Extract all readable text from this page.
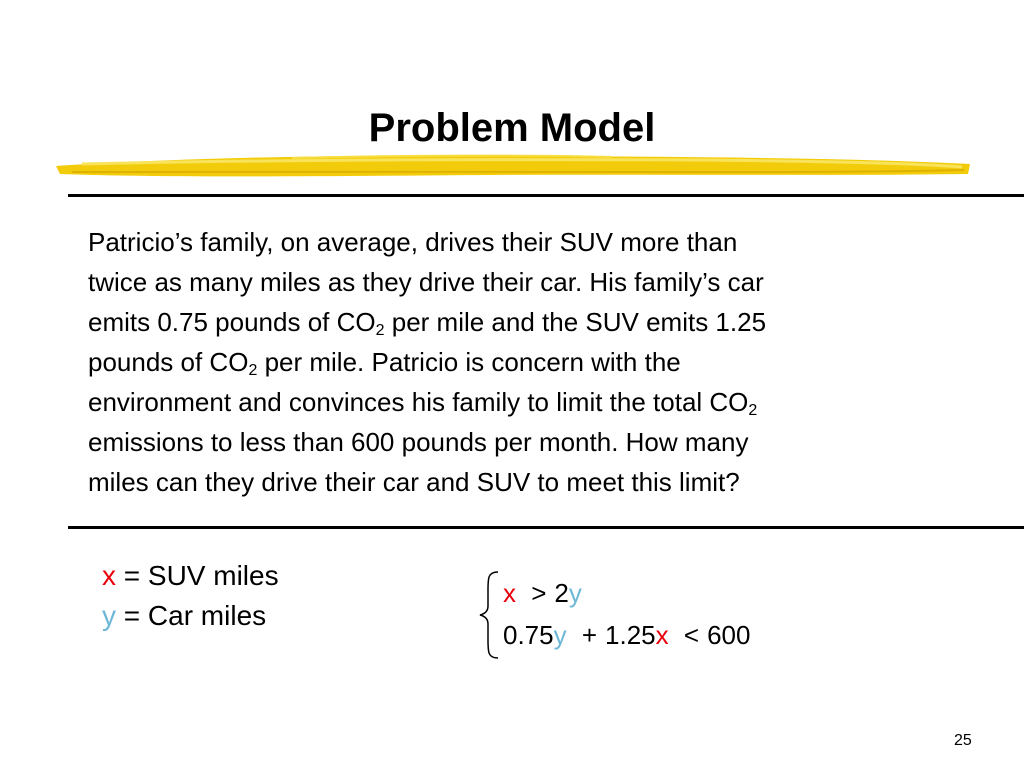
Problem Model
Patricio’s family, on average, drives their SUV more than
twice as many miles as they drive their car. His family’s car
emits 0.75 pounds of $CO_2$ per mile and the SUV emits 1.25
pounds of $CO_2$ per mile. Patricio is concern with the
environment and convinces his family to limit the total $CO_2$
emissions to less than 600 pounds per month. How many
miles can they drive their car and SUV to meet this limit?
x = SUV miles
y = Car miles
x > 2y
0.75y + 1.25x < 600
25
